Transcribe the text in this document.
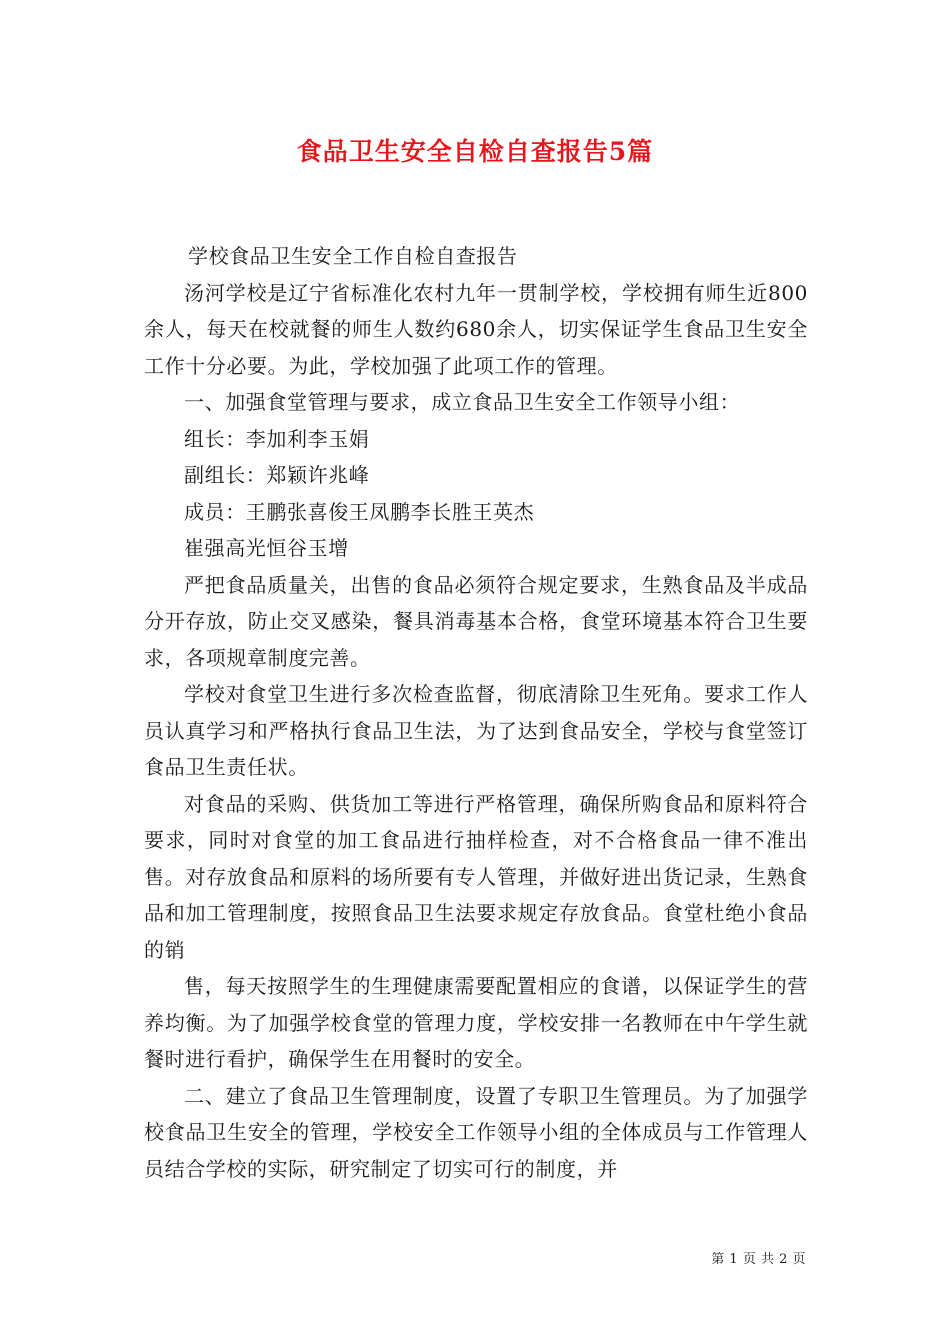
食品卫生安全自检自查报告5篇

学校食品卫生安全工作自检自查报告

汤河学校是辽宁省标准化农村九年一贯制学校，学校拥有师生近800余人，每天在校就餐的师生人数约680余人，切实保证学生食品卫生安全工作十分必要。为此，学校加强了此项工作的管理。

一、加强食堂管理与要求，成立食品卫生安全工作领导小组：

组长：李加利李玉娟

副组长：郑颖许兆峰

成员：王鹏张喜俊王凤鹏李长胜王英杰

崔强高光恒谷玉增

严把食品质量关，出售的食品必须符合规定要求，生熟食品及半成品分开存放，防止交叉感染，餐具消毒基本合格，食堂环境基本符合卫生要求，各项规章制度完善。

学校对食堂卫生进行多次检查监督，彻底清除卫生死角。要求工作人员认真学习和严格执行食品卫生法，为了达到食品安全，学校与食堂签订食品卫生责任状。

对食品的采购、供货加工等进行严格管理，确保所购食品和原料符合要求，同时对食堂的加工食品进行抽样检查，对不合格食品一律不准出售。对存放食品和原料的场所要有专人管理，并做好进出货记录，生熟食品和加工管理制度，按照食品卫生法要求规定存放食品。食堂杜绝小食品的销

售，每天按照学生的生理健康需要配置相应的食谱，以保证学生的营养均衡。为了加强学校食堂的管理力度，学校安排一名教师在中午学生就餐时进行看护，确保学生在用餐时的安全。

二、建立了食品卫生管理制度，设置了专职卫生管理员。为了加强学校食品卫生安全的管理，学校安全工作领导小组的全体成员与工作管理人员结合学校的实际，研究制定了切实可行的制度，并

第 1 页 共 2 页
